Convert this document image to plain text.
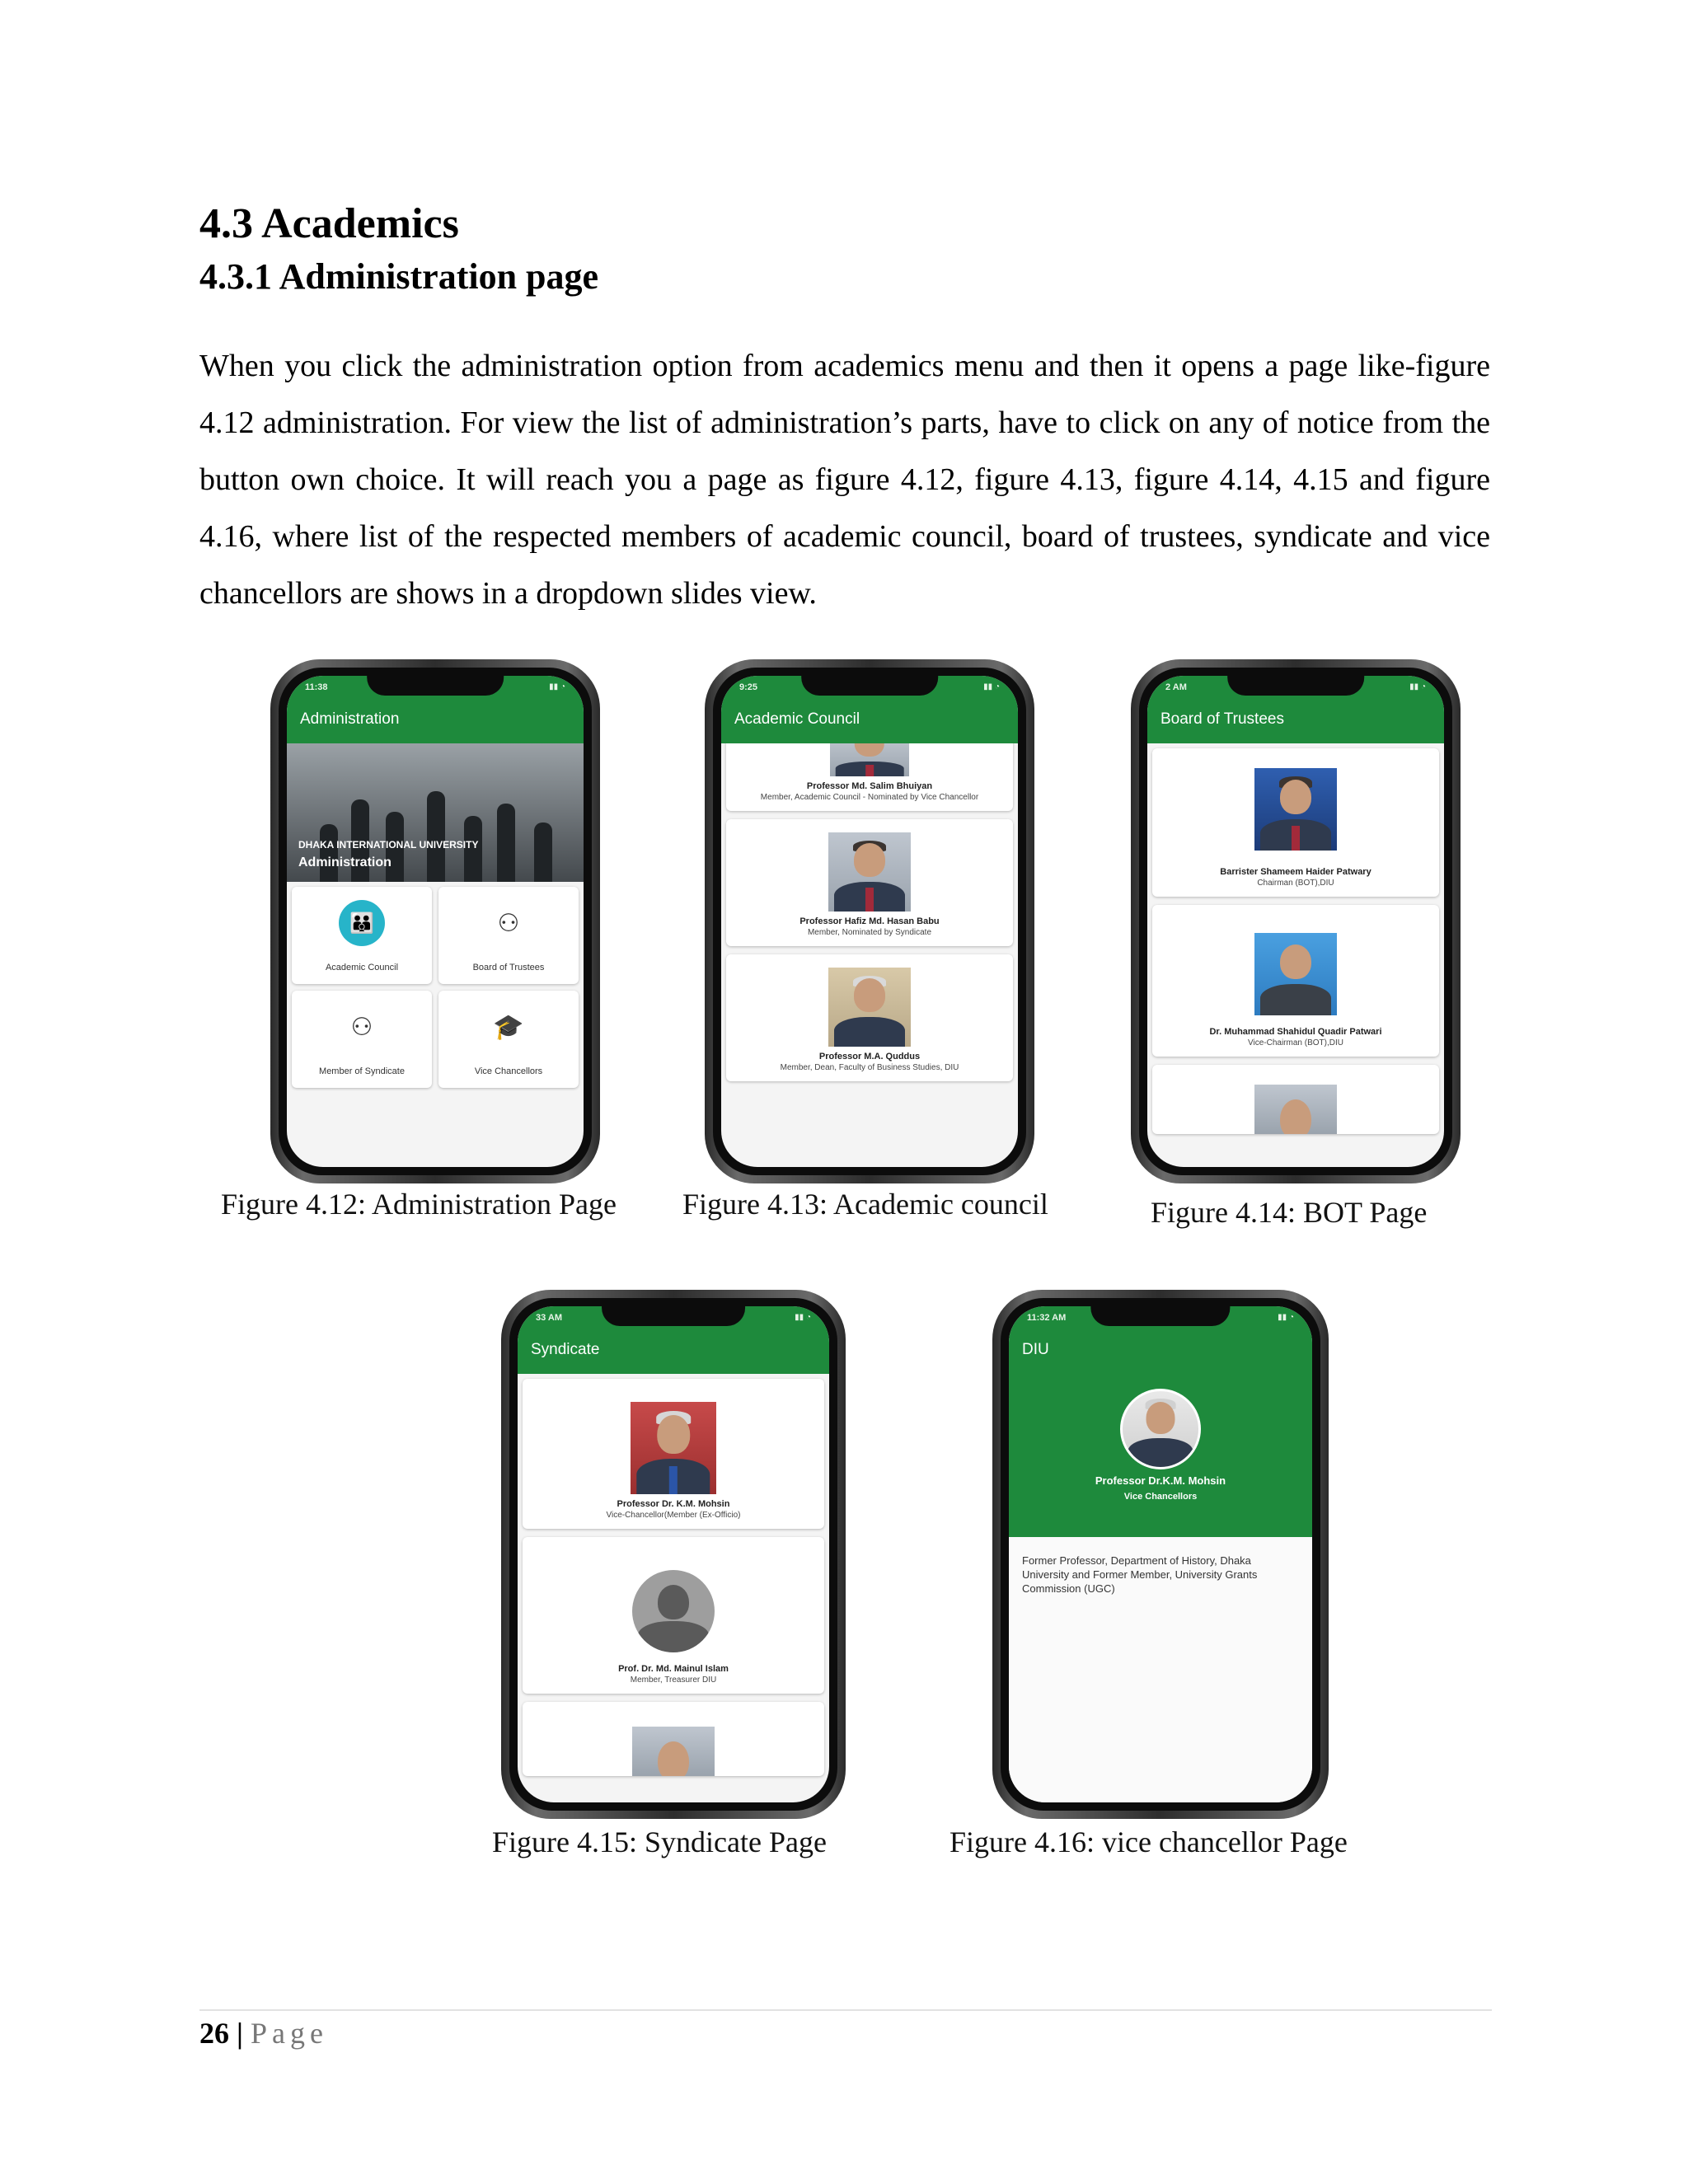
4.3 Academics
4.3.1 Administration page

When you click the administration option from academics menu and then it opens a page like-figure 4.12 administration. For view the list of administration’s parts, have to click on any of notice from the button own choice. It will reach you a page as figure 4.12, figure 4.13, figure 4.14, 4.15 and figure 4.16, where list of the respected members of academic council, board of trustees, syndicate and vice chancellors are shows in a dropdown slides view.

11:38	▮▮ ◔
Administration
DHAKA INTERNATIONAL UNIVERSITY
Administration
👪
Academic Council
⚇
Board of Trustees
⚇
Member of Syndicate
🎓
Vice Chancellors
9:25	▮▮ ◔
Academic Council
Professor Md. Salim Bhuiyan
Member, Academic Council - Nominated by Vice Chancellor
Professor Hafiz Md. Hasan Babu
Member, Nominated by Syndicate
Professor M.A. Quddus
Member, Dean, Faculty of Business Studies, DIU
2 AM	▮▮ ◔
Board of Trustees
Barrister Shameem Haider Patwary
Chairman (BOT),DIU
Dr. Muhammad Shahidul Quadir Patwari
Vice-Chairman (BOT),DIU
Figure 4.12: Administration Page Figure 4.13: Academic council	Figure 4.14: BOT Page
33 AM	▮▮ ◔
Syndicate
Professor Dr. K.M. Mohsin
Vice-Chancellor(Member (Ex-Officio)
Prof. Dr. Md. Mainul Islam
Member, Treasurer DIU
11:32 AM	▮▮ ◔
DIU
Professor Dr.K.M. Mohsin
Vice Chancellors
Former Professor, Department of History, Dhaka University and Former Member, University Grants Commission (UGC)
Figure 4.15: Syndicate Page	Figure 4.16: vice chancellor Page
26 | Page
